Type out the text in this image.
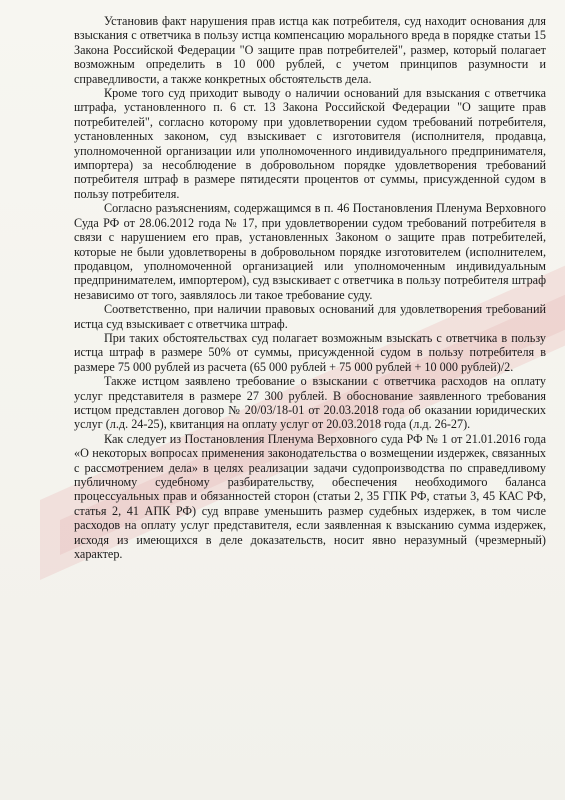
Установив факт нарушения прав истца как потребителя, суд находит основания для взыскания с ответчика в пользу истца компенсацию морального вреда в порядке статьи 15 Закона Российской Федерации "О защите прав потребителей", размер, который полагает возможным определить в 10 000 рублей, с учетом принципов разумности и справедливости, а также конкретных обстоятельств дела.

Кроме того суд приходит выводу о наличии оснований для взыскания с ответчика штрафа, установленного п. 6 ст. 13 Закона Российской Федерации "О защите прав потребителей", согласно которому при удовлетворении судом требований потребителя, установленных законом, суд взыскивает с изготовителя (исполнителя, продавца, уполномоченной организации или уполномоченного индивидуального предпринимателя, импортера) за несоблюдение в добровольном порядке удовлетворения требований потребителя штраф в размере пятидесяти процентов от суммы, присужденной судом в пользу потребителя.

Согласно разъяснениям, содержащимся в п. 46 Постановления Пленума Верховного Суда РФ от 28.06.2012 года № 17, при удовлетворении судом требований потребителя в связи с нарушением его прав, установленных Законом о защите прав потребителей, которые не были удовлетворены в добровольном порядке изготовителем (исполнителем, продавцом, уполномоченной организацией или уполномоченным индивидуальным предпринимателем, импортером), суд взыскивает с ответчика в пользу потребителя штраф независимо от того, заявлялось ли такое требование суду.

Соответственно, при наличии правовых оснований для удовлетворения требований истца суд взыскивает с ответчика штраф.

При таких обстоятельствах суд полагает возможным взыскать с ответчика в пользу истца штраф в размере 50% от суммы, присужденной судом в пользу потребителя в размере 75 000 рублей из расчета (65 000 рублей + 75 000 рублей + 10 000 рублей)/2.

Также истцом заявлено требование о взыскании с ответчика расходов на оплату услуг представителя в размере 27 300 рублей. В обоснование заявленного требования истцом представлен договор № 20/03/18-01 от 20.03.2018 года об оказании юридических услуг (л.д. 24-25), квитанция на оплату услуг от 20.03.2018 года (л.д. 26-27).

Как следует из Постановления Пленума Верховного суда РФ № 1 от 21.01.2016 года «О некоторых вопросах применения законодательства о возмещении издержек, связанных с рассмотрением дела» в целях реализации задачи судопроизводства по справедливому публичному судебному разбирательству, обеспечения необходимого баланса процессуальных прав и обязанностей сторон (статьи 2, 35 ГПК РФ, статьи 3, 45 КАС РФ, статья 2, 41 АПК РФ) суд вправе уменьшить размер судебных издержек, в том числе расходов на оплату услуг представителя, если заявленная к взысканию сумма издержек, исходя из имеющихся в деле доказательств, носит явно неразумный (чрезмерный) характер.
